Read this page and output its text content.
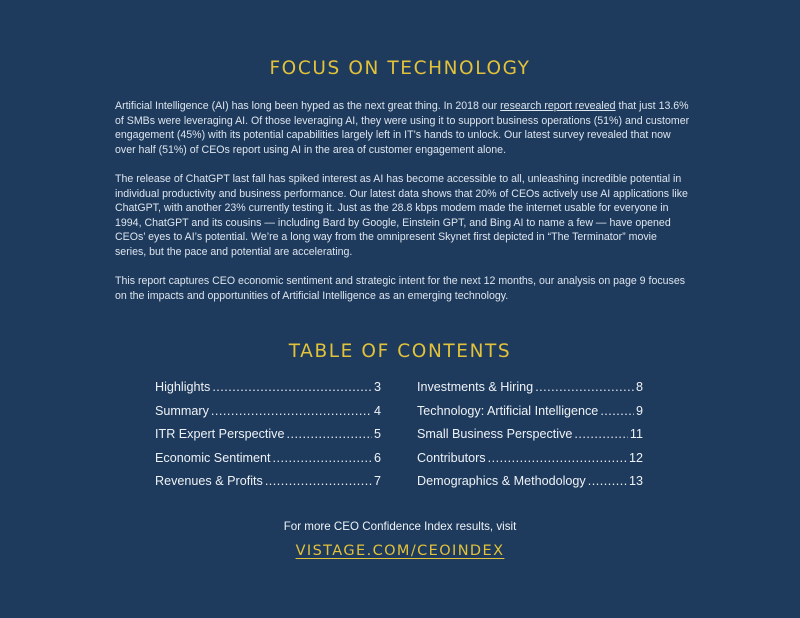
FOCUS ON TECHNOLOGY

Artificial Intelligence (AI) has long been hyped as the next great thing. In 2018 our research report revealed that just 13.6% of SMBs were leveraging AI. Of those leveraging AI, they were using it to support business operations (51%) and customer engagement (45%) with its potential capabilities largely left in IT’s hands to unlock. Our latest survey revealed that now over half (51%) of CEOs report using AI in the area of customer engagement alone.

The release of ChatGPT last fall has spiked interest as AI has become accessible to all, unleashing incredible potential in individual productivity and business performance. Our latest data shows that 20% of CEOs actively use AI applications like ChatGPT, with another 23% currently testing it. Just as the 28.8 kbps modem made the internet usable for everyone in 1994, ChatGPT and its cousins — including Bard by Google, Einstein GPT, and Bing AI to name a few — have opened CEOs’ eyes to AI’s potential. We’re a long way from the omnipresent Skynet first depicted in “The Terminator” movie series, but the pace and potential are accelerating.

This report captures CEO economic sentiment and strategic intent for the next 12 months, our analysis on page 9 focuses on the impacts and opportunities of Artificial Intelligence as an emerging technology.

TABLE OF CONTENTS
Highlights .....	3
Summary .....	4
ITR Expert Perspective .....	5
Economic Sentiment .....	6
Revenues & Profits .....	7
Investments & Hiring .....	8
Technology: Artificial Intelligence .....	9
Small Business Perspective .....	11
Contributors .....	12
Demographics & Methodology .....	13
For more CEO Confidence Index results, visit
VISTAGE.COM/CEOINDEX
